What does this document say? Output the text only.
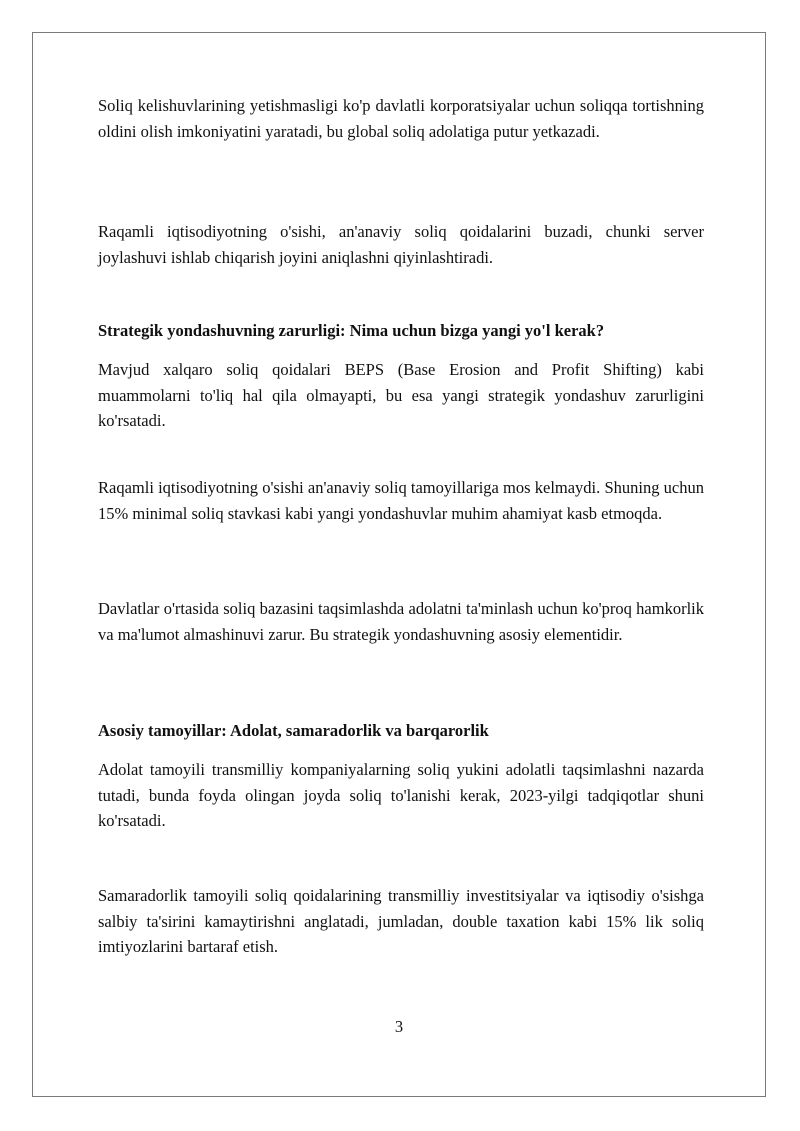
Soliq kelishuvlarining yetishmasligi ko'p davlatli korporatsiyalar uchun soliqqa tortishning oldini olish imkoniyatini yaratadi, bu global soliq adolatiga putur yetkazadi.

Raqamli iqtisodiyotning o'sishi, an'anaviy soliq qoidalarini buzadi, chunki server joylashuvi ishlab chiqarish joyini aniqlashni qiyinlashtiradi.

Strategik yondashuvning zarurligi: Nima uchun bizga yangi yo'l kerak?

Mavjud xalqaro soliq qoidalari BEPS (Base Erosion and Profit Shifting) kabi muammolarni to'liq hal qila olmayapti, bu esa yangi strategik yondashuv zarurligini ko'rsatadi.

Raqamli iqtisodiyotning o'sishi an'anaviy soliq tamoyillariga mos kelmaydi. Shuning uchun 15% minimal soliq stavkasi kabi yangi yondashuvlar muhim ahamiyat kasb etmoqda.

Davlatlar o'rtasida soliq bazasini taqsimlashda adolatni ta'minlash uchun ko'proq hamkorlik va ma'lumot almashinuvi zarur. Bu strategik yondashuvning asosiy elementidir.

Asosiy tamoyillar: Adolat, samaradorlik va barqarorlik

Adolat tamoyili transmilliy kompaniyalarning soliq yukini adolatli taqsimlashni nazarda tutadi, bunda foyda olingan joyda soliq to'lanishi kerak, 2023-yilgi tadqiqotlar shuni ko'rsatadi.

Samaradorlik tamoyili soliq qoidalarining transmilliy investitsiyalar va iqtisodiy o'sishga salbiy ta'sirini kamaytirishni anglatadi, jumladan, double taxation kabi 15% lik soliq imtiyozlarini bartaraf etish.

3
